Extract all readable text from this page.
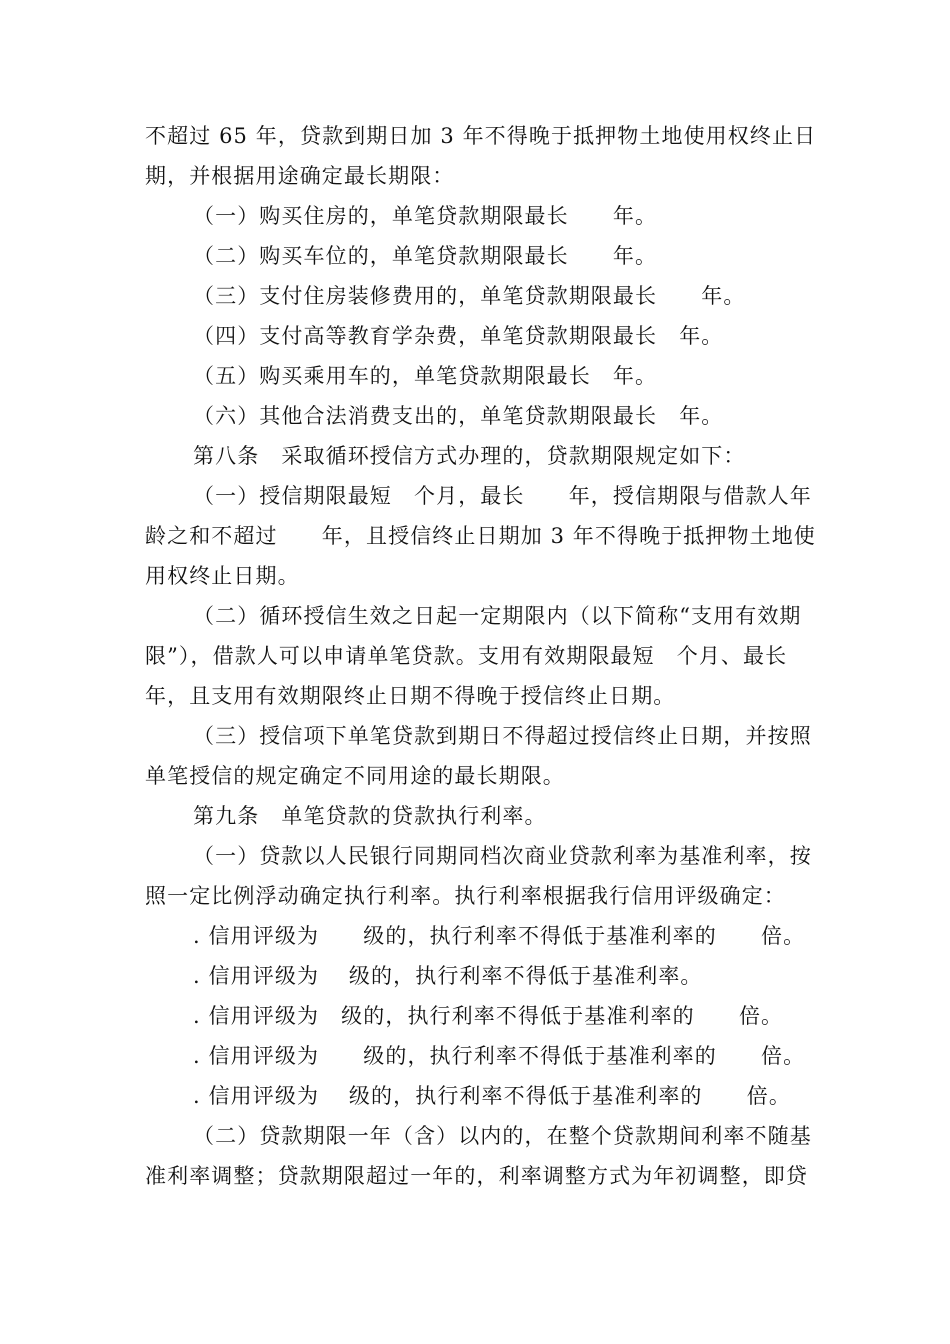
不超过 65 年，贷款到期日加 3 年不得晚于抵押物土地使用权终止日
期，并根据用途确定最长期限：
（一）购买住房的，单笔贷款期限最长　　年。
（二）购买车位的，单笔贷款期限最长　　年。
（三）支付住房装修费用的，单笔贷款期限最长　　年。
（四）支付高等教育学杂费，单笔贷款期限最长　年。
（五）购买乘用车的，单笔贷款期限最长　年。
（六）其他合法消费支出的，单笔贷款期限最长　年。
第八条　采取循环授信方式办理的，贷款期限规定如下：
（一）授信期限最短　个月，最长　　年，授信期限与借款人年
龄之和不超过　　年，且授信终止日期加 3 年不得晚于抵押物土地使
用权终止日期。
（二）循环授信生效之日起一定期限内（以下简称“支用有效期
限”），借款人可以申请单笔贷款。支用有效期限最短　个月、最长
年，且支用有效期限终止日期不得晚于授信终止日期。
（三）授信项下单笔贷款到期日不得超过授信终止日期，并按照
单笔授信的规定确定不同用途的最长期限。
第九条　单笔贷款的贷款执行利率。
（一）贷款以人民银行同期同档次商业贷款利率为基准利率，按
照一定比例浮动确定执行利率。执行利率根据我行信用评级确定：
. 信用评级为　　级的，执行利率不得低于基准利率的　　倍。
. 信用评级为　 级的，执行利率不得低于基准利率。
. 信用评级为　级的，执行利率不得低于基准利率的　　倍。
. 信用评级为　　级的，执行利率不得低于基准利率的　　倍。
. 信用评级为　 级的，执行利率不得低于基准利率的　　倍。
（二）贷款期限一年（含）以内的，在整个贷款期间利率不随基
准利率调整；贷款期限超过一年的，利率调整方式为年初调整，即贷
